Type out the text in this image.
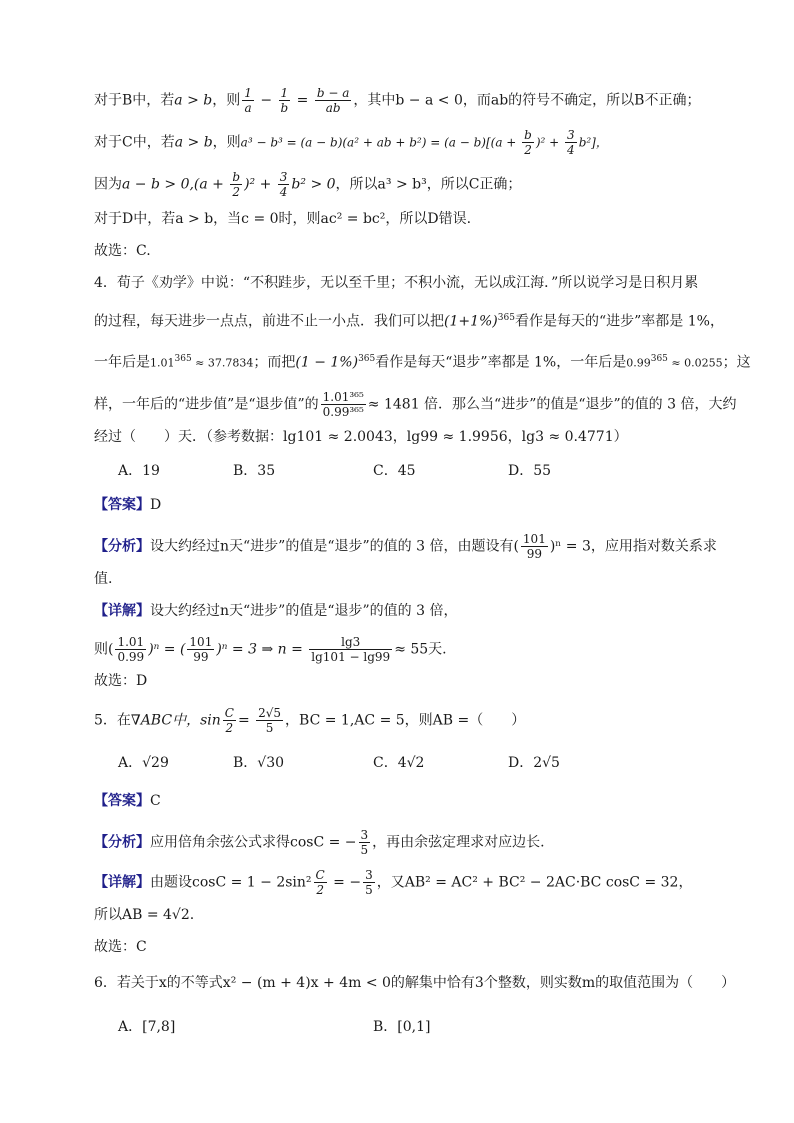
对于B中，若a > b，则 $\frac{1}{a} - \frac{1}{b} = \frac{b - a}{ab}$ ，其中b − a < 0，而ab的符号不确定，所以B不正确；
对于C中，若a > b，则a³ − b³ = (a − b)(a² + ab + $b^2) = (a - b)[(a + \frac{b}{2} )^2 + \frac{3}{4} b^2]$，
因为$a - b > 0,(a + \frac{b}{2} )^2 + \frac{3}{4} b^2 > 0$，所以a³ > b³，所以C正确；
对于D中，若a > b，当c = 0时，则ac² = bc²，所以D错误.
故选：C.
4．荀子《劝学》中说：“不积跬步，无以至千里；不积小流，无以成江海．”所以说学习是日积月累
的过程，每天进步一点点，前进不止一小点．我们可以把$(1+1\%)^{365}$看作是每天的“进步”率都是 1%，
一年后是$1.01^{365} \approx 37.7834$；而把$(1 - 1\%)^{365}$看作是每天“退步”率都是 1%，一年后是$0.99^{365} \approx 0.0255$；这
样，一年后的“进步值”是“退步值”的 $\frac{\text{1.01³⁶⁵}}{\text{0.99³⁶⁵}} \approx 1481$ 倍．那么当“进步”的值是“退步”的值的 3 倍，大约
经过（　　）天．（参考数据：lg101 ≈ 2.0043，lg99 ≈ 1.9956，lg3 ≈ 0.4771）
A．19	B．35	C．45	D．55
【答案】D
【分析】设大约经过n天“进步”的值是“退步”的值的 3 倍，由题设有( $\frac{101}{99} )^n = 3$，应用指对数关系求
值.
【详解】设大约经过n天“进步”的值是“退步”的值的 3 倍，
则( $\frac{1.01}{0.99} )^n$ = ( $\frac{101}{99} )^n = 3$ ⇒ $n = \frac{\lg 3}{\lg 101 - \lg 99} \approx 55$天.
故选：D
5．在∇ABC中，$\sin \frac{C}{2} = \frac{2√5}{5}$ ，BC = 1,AC = 5，则AB =（　　）
A．√29	B．√30	C．4√2	D．2√5
【答案】C
【分析】应用倍角余弦公式求得cosC = − $\frac{3}{5}$ ，再由余弦定理求对应边长.
【详解】由题设$\cos C = 1 - 2\sin^2 \frac{C}{2}$ = − $\frac{3}{5}$ ，又AB² = AC² + BC² − 2AC·BC cosC = 32，
所以AB = 4√2.
故选：C
6．若关于x的不等式x² − (m + 4)x + 4m < 0的解集中恰有3个整数，则实数m的取值范围为（　　）
A．[7,8]	B．[0,1]
